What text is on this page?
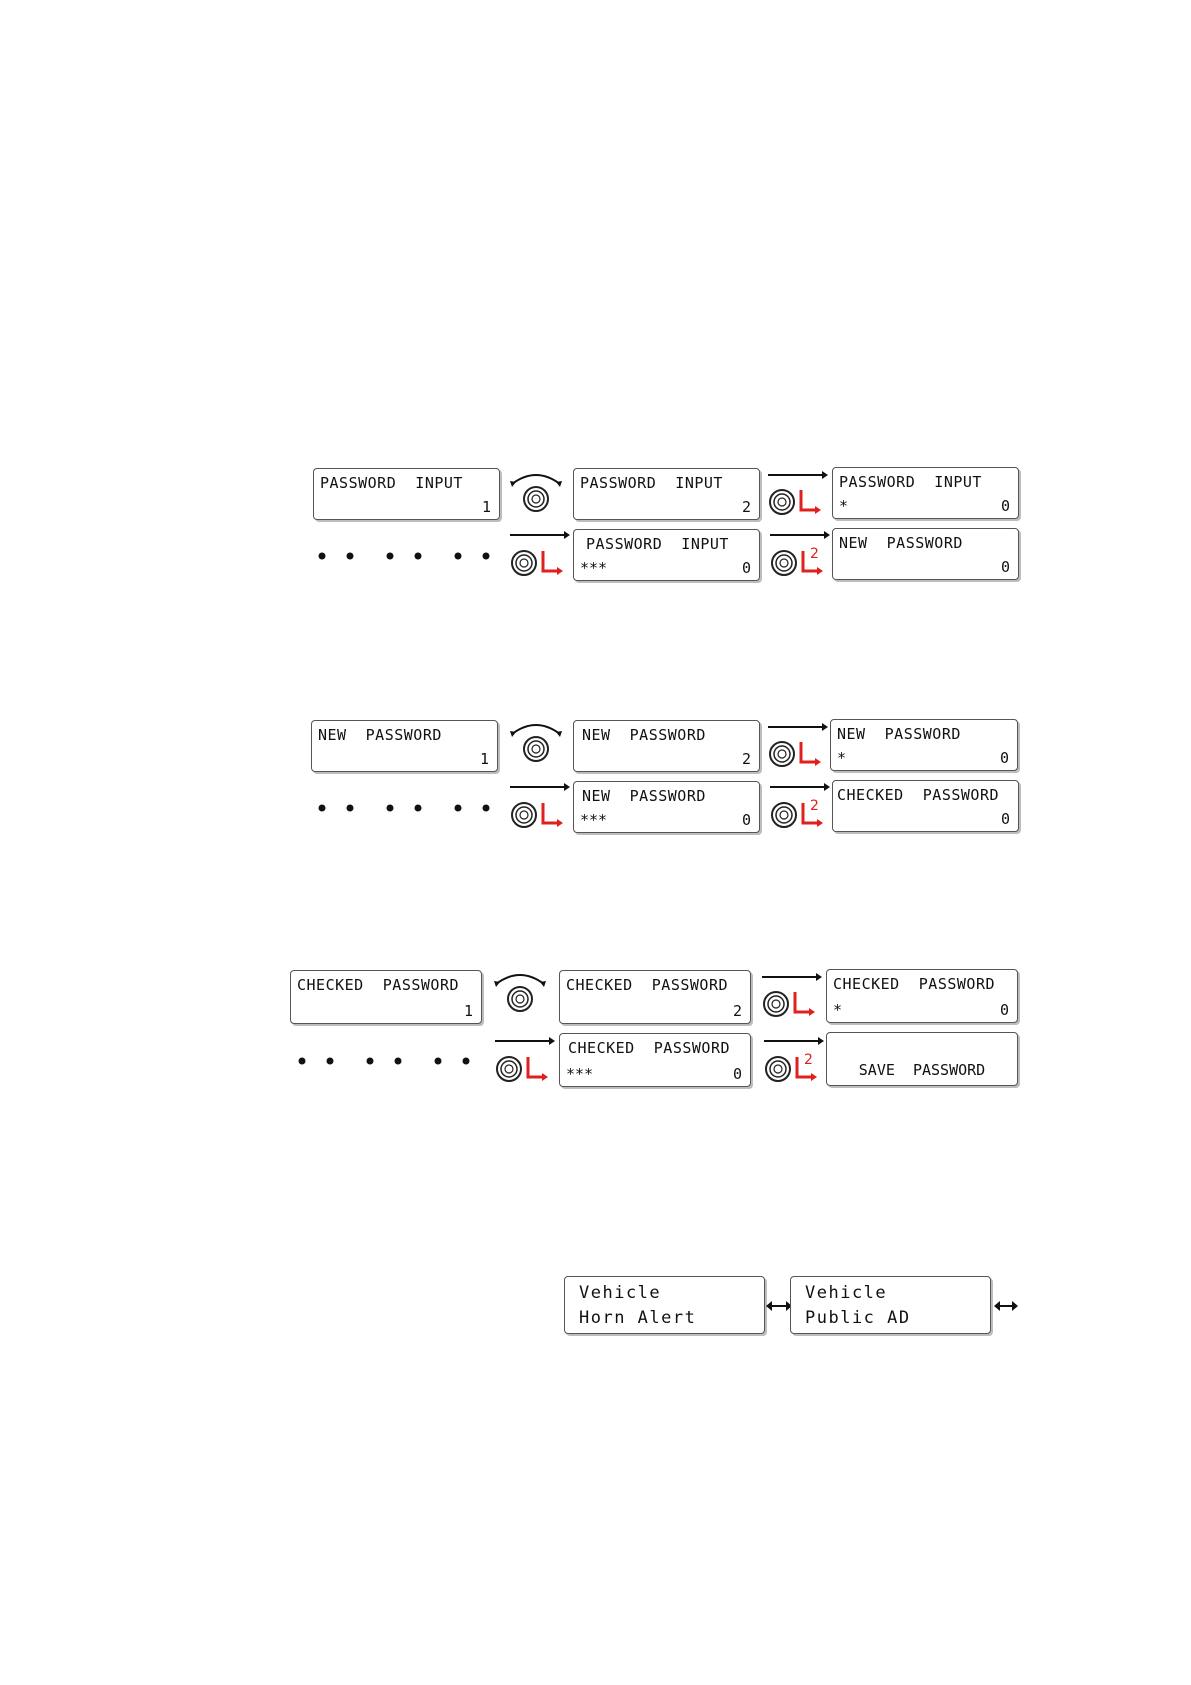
PASSWORD  INPUT
1
PASSWORD  INPUT
2
PASSWORD  INPUT
*	0
PASSWORD  INPUT
***	0
2
NEW  PASSWORD
0
NEW  PASSWORD
1
NEW  PASSWORD
2
NEW  PASSWORD
*	0
NEW  PASSWORD
***	0
2
CHECKED  PASSWORD
0
CHECKED  PASSWORD
1
CHECKED  PASSWORD
2
CHECKED  PASSWORD
*	0
CHECKED  PASSWORD
***	0
2
SAVE  PASSWORD
Vehicle
Horn Alert
Vehicle
Public AD
